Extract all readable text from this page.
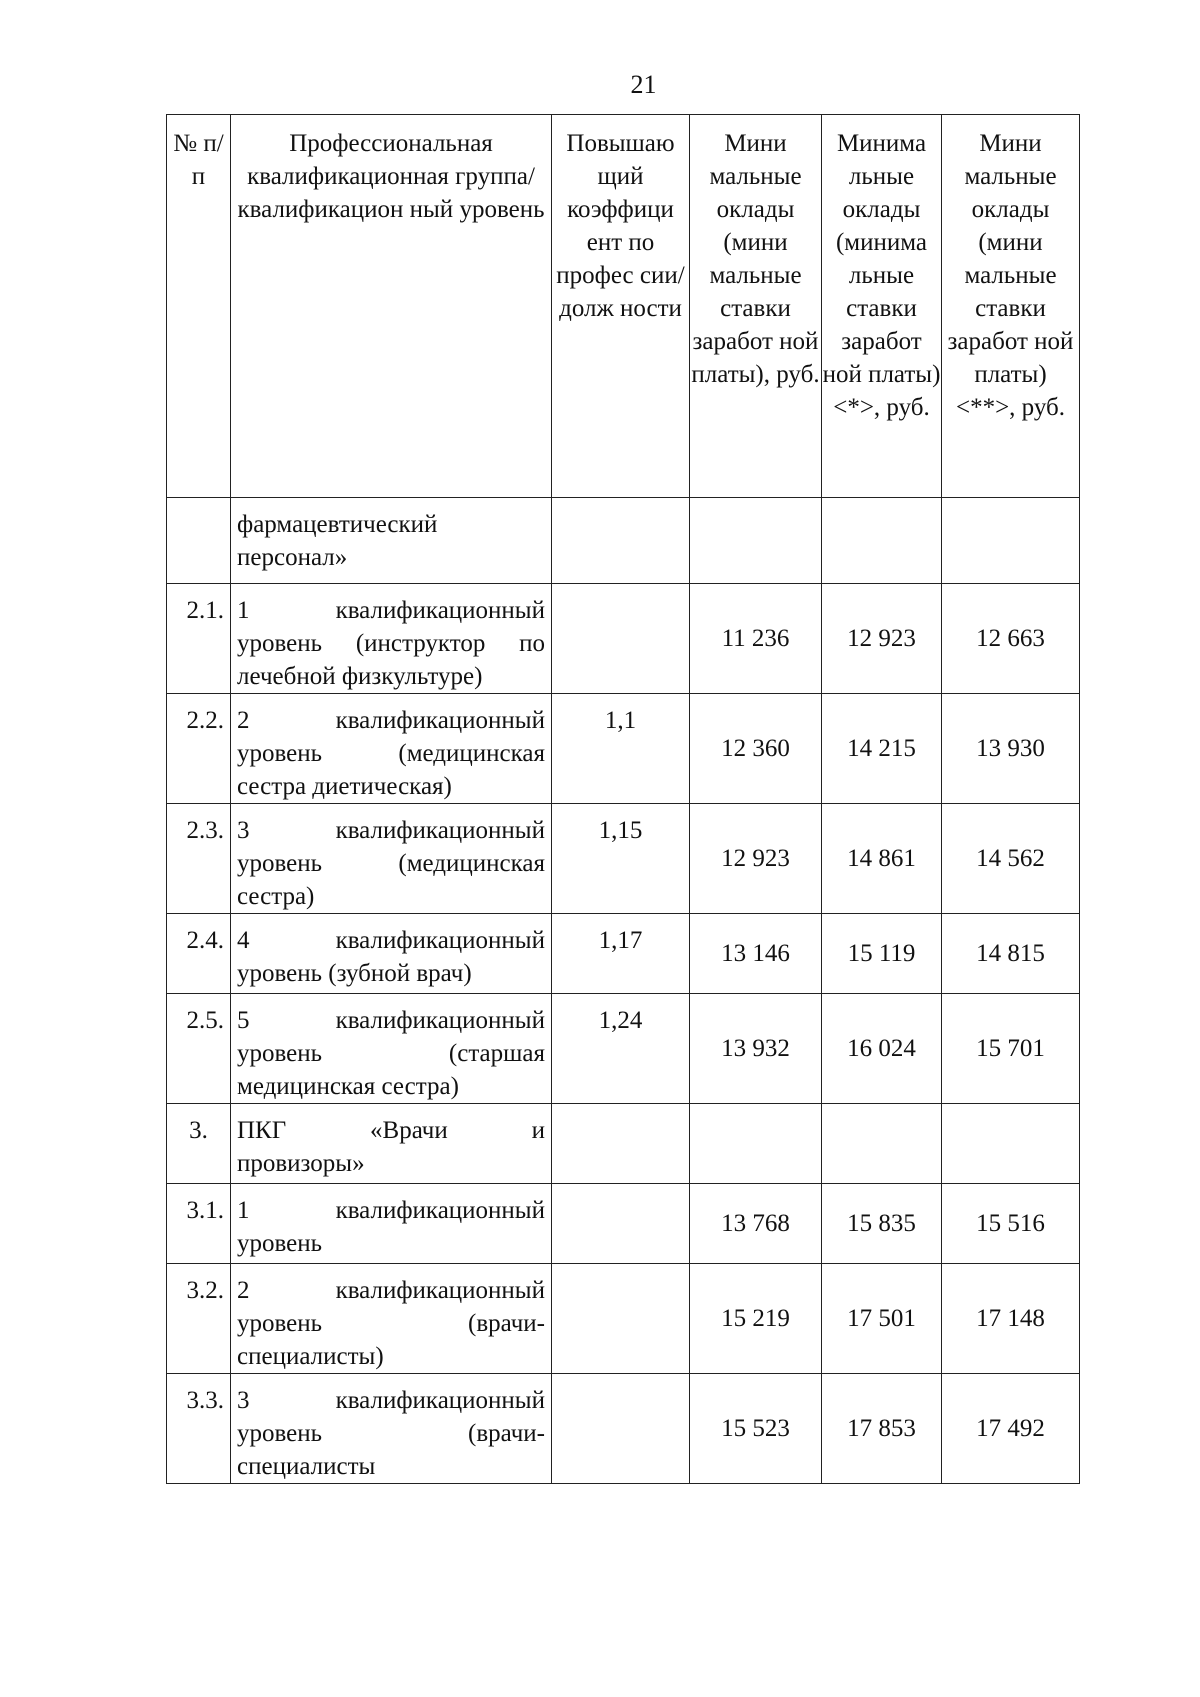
21
№ п/п	Профессиональная квалификационная группа/квалификацион ный уровень	Повышаю щий коэффици ент по профес сии/долж ности	Мини мальные оклады (мини мальные ставки заработ ной платы), руб.	Минима льные оклады (минима льные ставки заработ ной платы) <*>, руб.	Мини мальные оклады (мини мальные ставки заработ ной платы) <**>, руб.

	фармацевтический
персонал»				

2.1.	1 квалификационный
уровень (инструктор по
лечебной физкультуре)		11 236	12 923	12 663
2.2.	2 квалификационный
уровень (медицинская
сестра диетическая)	1,1	12 360	14 215	13 930
2.3.	3 квалификационный
уровень (медицинская
сестра)	1,15	12 923	14 861	14 562
2.4.	4 квалификационный
уровень (зубной врач)	1,17	13 146	15 119	14 815
2.5.	5 квалификационный
уровень (старшая
медицинская сестра)	1,24	13 932	16 024	15 701
3.	ПКГ «Врачи и
провизоры»				

3.1.	1 квалификационный
уровень		13 768	15 835	15 516
3.2.	2 квалификационный
уровень (врачи-
специалисты)		15 219	17 501	17 148
3.3.	3 квалификационный
уровень (врачи-
специалисты		15 523	17 853	17 492
